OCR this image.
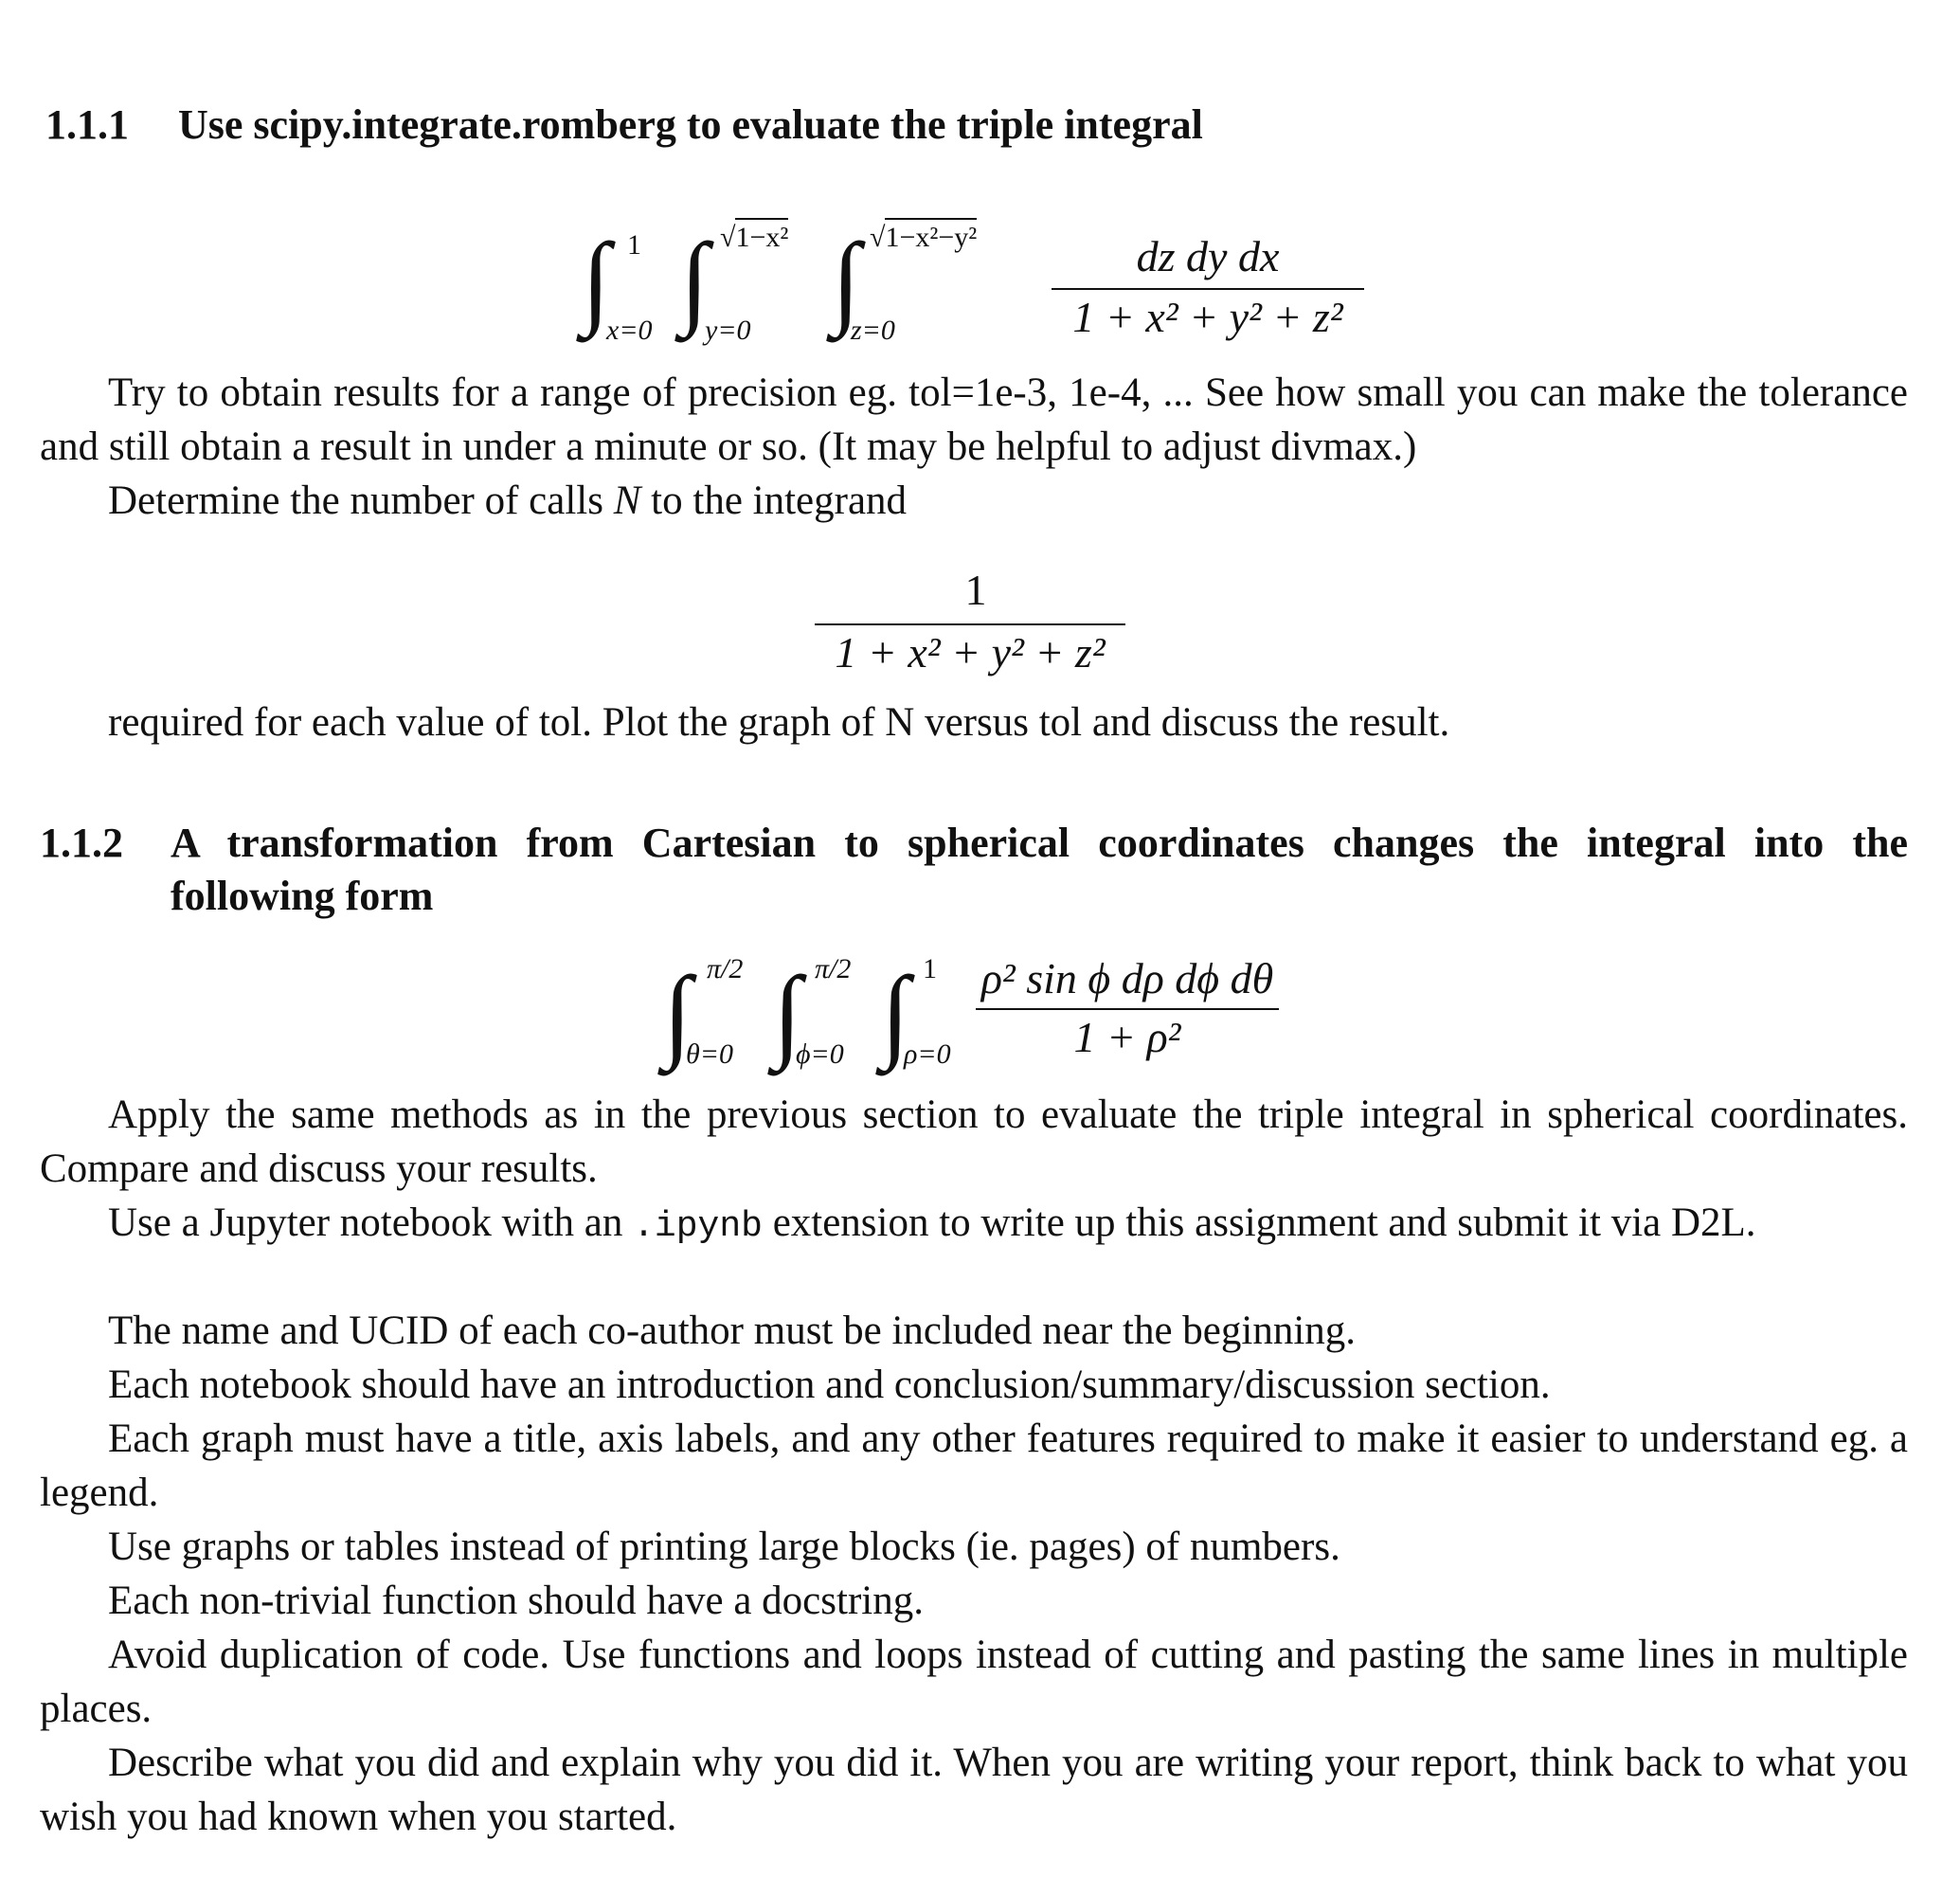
1.1.1 Use scipy.integrate.romberg to evaluate the triple integral
∫ 1
x=0 ∫ √1−x²
y=0 ∫ √1−x²−y²
z=0
dz dy dx
1 + x² + y² + z²
Try to obtain results for a range of precision eg. tol=1e-3, 1e-4, ... See how small you can make the tolerance and still obtain a result in under a minute or so. (It may be helpful to adjust divmax.)
Determine the number of calls N to the integrand
1
1 + x² + y² + z²
required for each value of tol. Plot the graph of N versus tol and discuss the result.
1.1.2 A transformation from Cartesian to spherical coordinates changes the integral into the
following form
∫ π/2
θ=0 ∫ π/2
ϕ=0 ∫ 1
ρ=0
ρ² sin ϕ dρ dϕ dθ
1 + ρ²
Apply the same methods as in the previous section to evaluate the triple integral in spherical coordinates. Compare and discuss your results.
Use a Jupyter notebook with an .ipynb extension to write up this assignment and submit it via D2L.
The name and UCID of each co-author must be included near the beginning.
Each notebook should have an introduction and conclusion/summary/discussion section.
Each graph must have a title, axis labels, and any other features required to make it easier to understand eg. a legend.
Use graphs or tables instead of printing large blocks (ie. pages) of numbers.
Each non-trivial function should have a docstring.
Avoid duplication of code. Use functions and loops instead of cutting and pasting the same lines in multiple places.
Describe what you did and explain why you did it. When you are writing your report, think back to what you wish you had known when you started.
